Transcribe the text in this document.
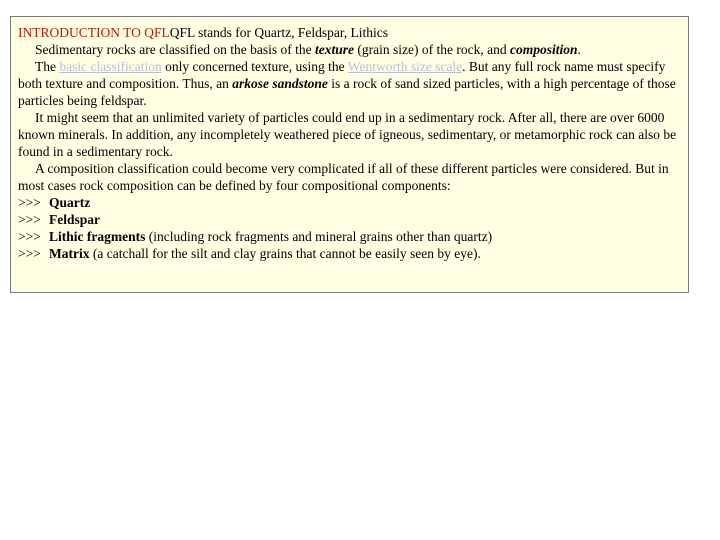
INTRODUCTION TO QFLQFL stands for Quartz, Feldspar, Lithics
Sedimentary rocks are classified on the basis of the texture (grain size) of the rock, and composition.
The basic classification only concerned texture, using the Wentworth size scale. But any full rock name must specify both texture and composition. Thus, an arkose sandstone is a rock of sand sized particles, with a high percentage of those particles being feldspar.
It might seem that an unlimited variety of particles could end up in a sedimentary rock. After all, there are over 6000 known minerals. In addition, any incompletely weathered piece of igneous, sedimentary, or metamorphic rock can also be found in a sedimentary rock.
A composition classification could become very complicated if all of these different particles were considered. But in most cases rock composition can be defined by four compositional components:
>>> Quartz
>>> Feldspar
>>> Lithic fragments (including rock fragments and mineral grains other than quartz)
>>> Matrix (a catchall for the silt and clay grains that cannot be easily seen by eye).
